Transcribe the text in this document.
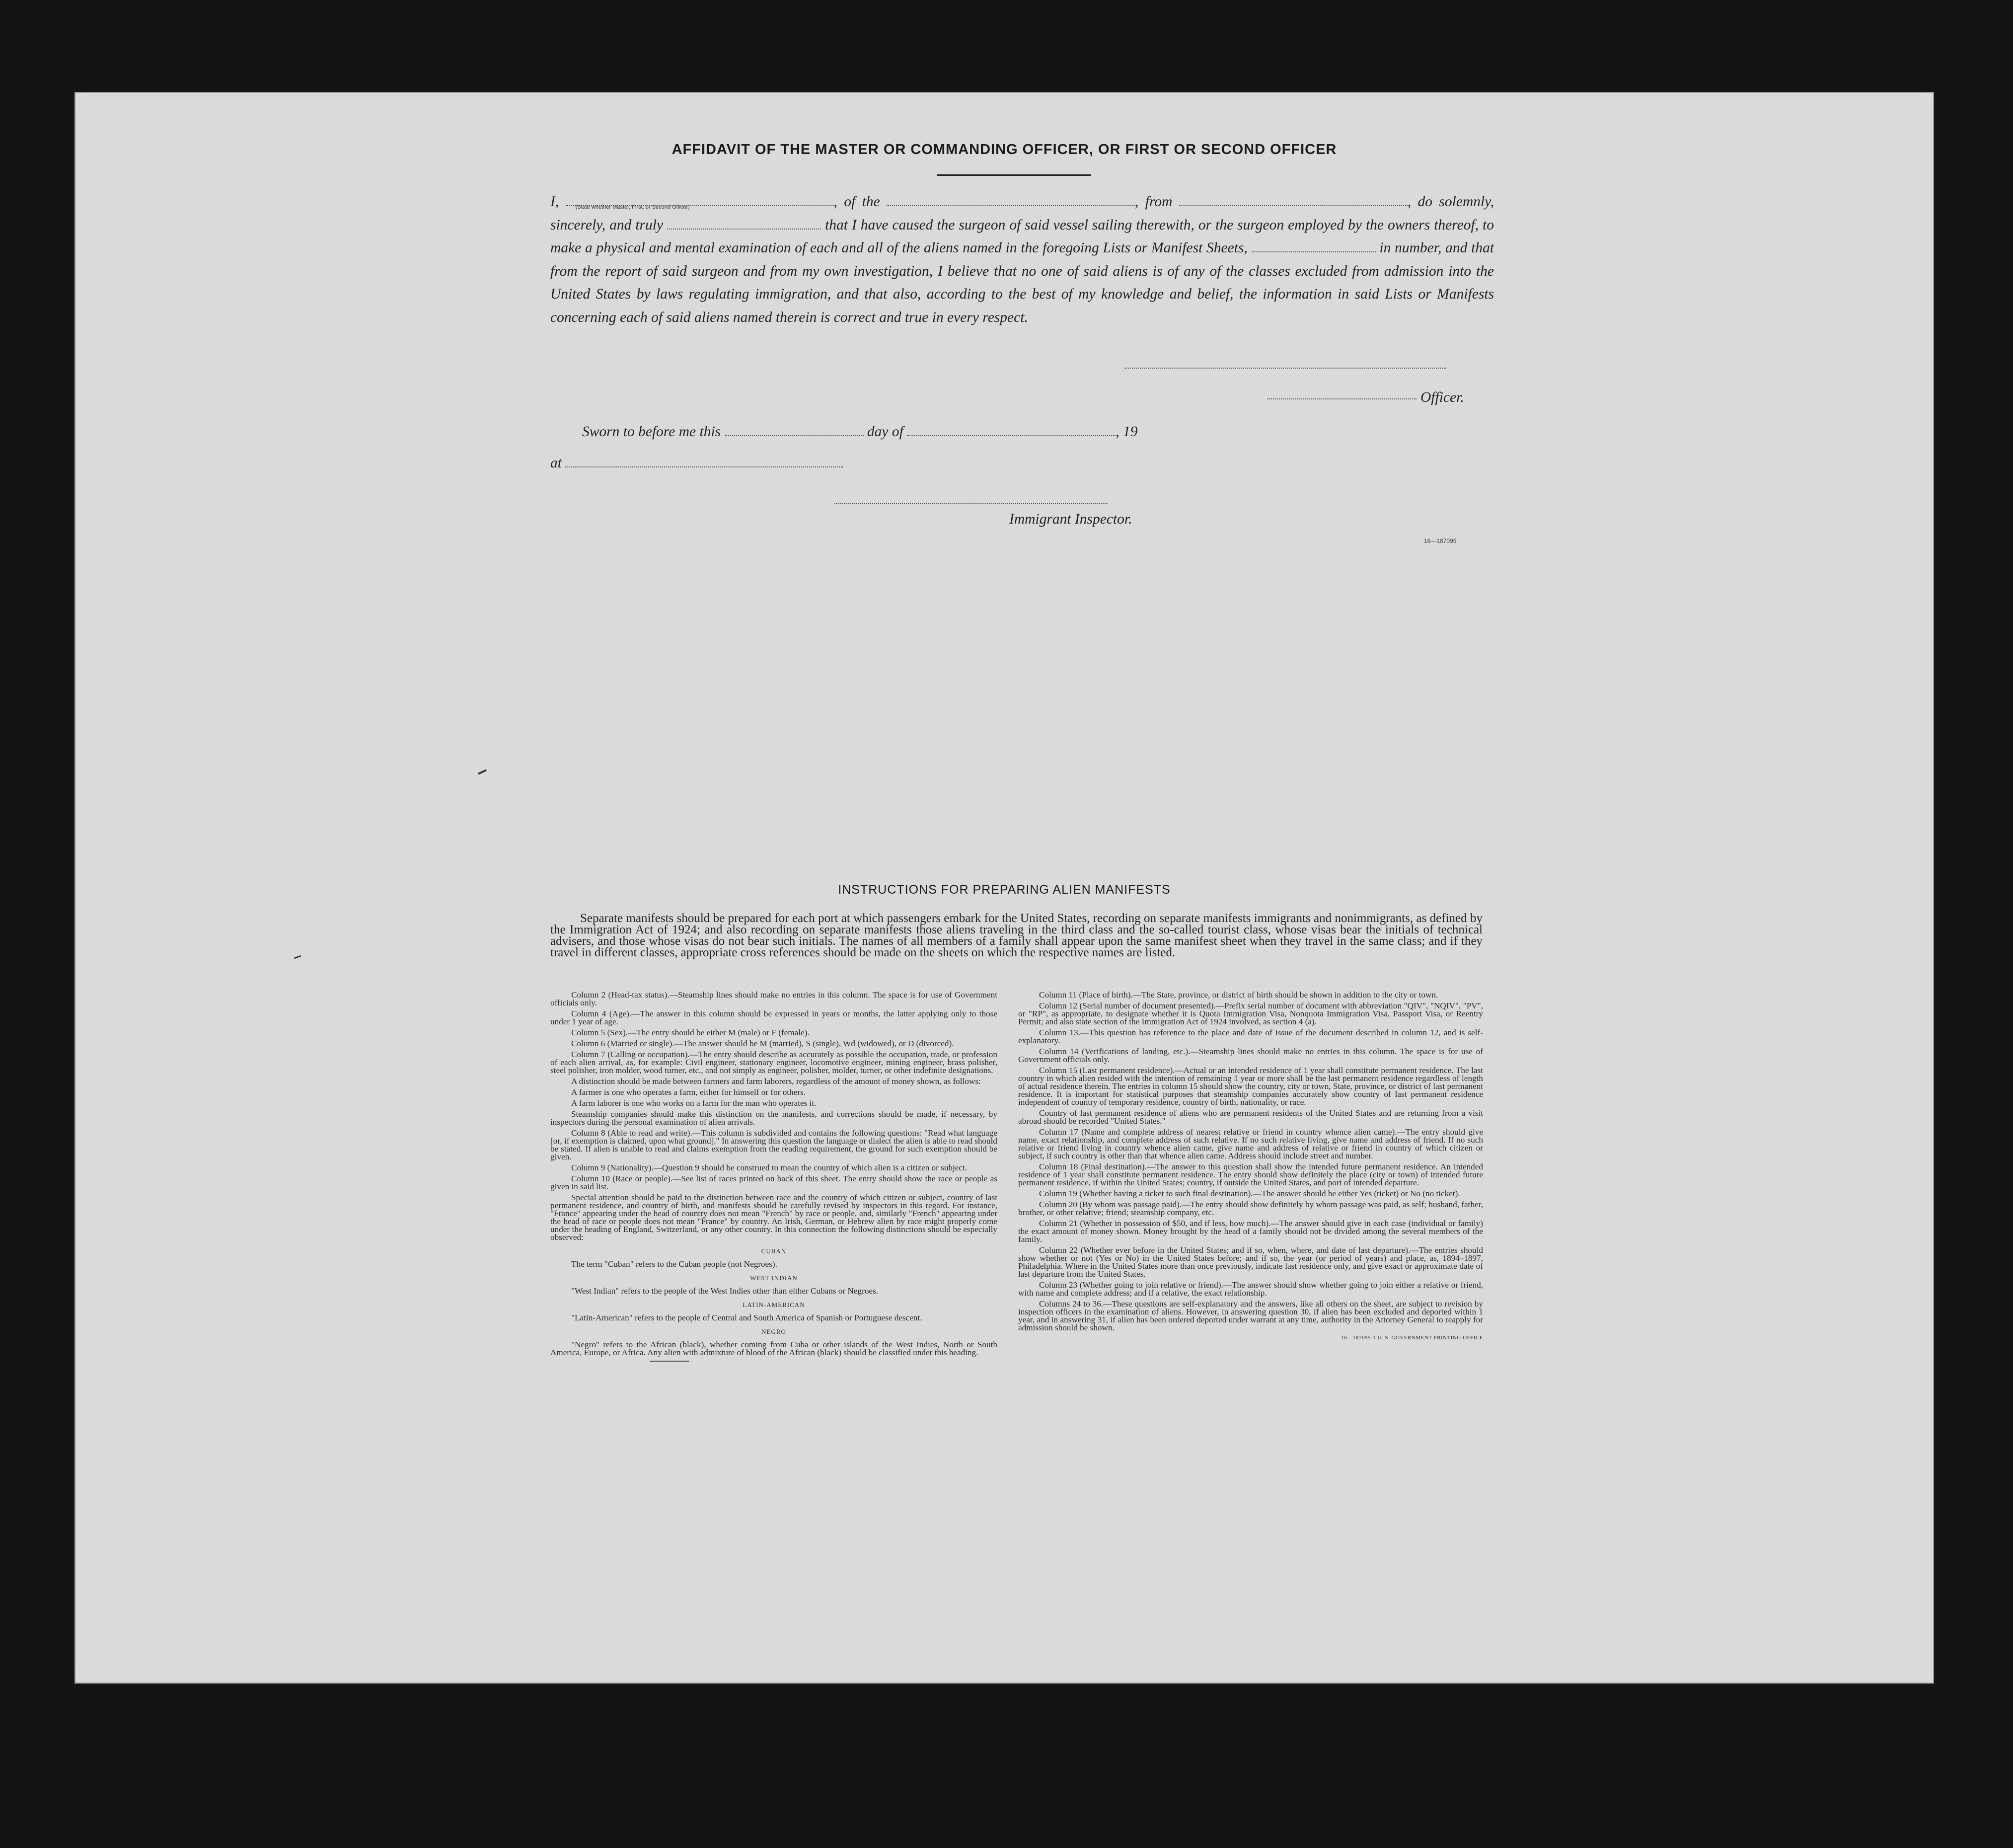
AFFIDAVIT OF THE MASTER OR COMMANDING OFFICER, OR FIRST OR SECOND OFFICER

I,	(State whether Master, First, or Second Officer)	, of the	, from	, do solemnly, sincerely, and truly	that I have caused the surgeon of said vessel sailing therewith, or the surgeon employed by the owners thereof, to make a physical and mental examination of each and all of the aliens named in the foregoing Lists or Manifest Sheets,	in number, and that from the report of said surgeon and from my own investigation, I believe that no one of said aliens is of any of the classes excluded from admission into the United States by laws regulating immigration, and that also, according to the best of my knowledge and belief, the information in said Lists or Manifests concerning each of said aliens named therein is correct and true in every respect.

Officer.
Sworn to before me this	day of	, 19
at
Immigrant Inspector.
16—187095
INSTRUCTIONS FOR PREPARING ALIEN MANIFESTS

Separate manifests should be prepared for each port at which passengers embark for the United States, recording on separate manifests immigrants and nonimmigrants, as defined by the Immigration Act of 1924; and also recording on separate manifests those aliens traveling in the third class and the so-called tourist class, whose visas bear the initials of technical advisers, and those whose visas do not bear such initials. The names of all members of a family shall appear upon the same manifest sheet when they travel in the same class; and if they travel in different classes, appropriate cross references should be made on the sheets on which the respective names are listed.

Column 2 (Head-tax status).—Steamship lines should make no entries in this column. The space is for use of Government officials only.

Column 4 (Age).—The answer in this column should be expressed in years or months, the latter applying only to those under 1 year of age.

Column 5 (Sex).—The entry should be either M (male) or F (female).

Column 6 (Married or single).—The answer should be M (married), S (single), Wd (widowed), or D (divorced).

Column 7 (Calling or occupation).—The entry should describe as accurately as possible the occupation, trade, or profession of each alien arrival, as, for example: Civil engineer, stationary engineer, locomotive engineer, mining engineer, brass polisher, steel polisher, iron molder, wood turner, etc., and not simply as engineer, polisher, molder, turner, or other indefinite designations.

A distinction should be made between farmers and farm laborers, regardless of the amount of money shown, as follows:

A farmer is one who operates a farm, either for himself or for others.

A farm laborer is one who works on a farm for the man who operates it.

Steamship companies should make this distinction on the manifests, and corrections should be made, if necessary, by inspectors during the personal examination of alien arrivals.

Column 8 (Able to read and write).—This column is subdivided and contains the following questions: "Read what language [or, if exemption is claimed, upon what ground]." In answering this question the language or dialect the alien is able to read should be stated. If alien is unable to read and claims exemption from the reading requirement, the ground for such exemption should be given.

Column 9 (Nationality).—Question 9 should be construed to mean the country of which alien is a citizen or subject.

Column 10 (Race or people).—See list of races printed on back of this sheet. The entry should show the race or people as given in said list.

Special attention should be paid to the distinction between race and the country of which citizen or subject, country of last permanent residence, and country of birth, and manifests should be carefully revised by inspectors in this regard. For instance, "France" appearing under the head of country does not mean "French" by race or people, and, similarly "French" appearing under the head of race or people does not mean "France" by country. An Irish, German, or Hebrew alien by race might properly come under the heading of England, Switzerland, or any other country. In this connection the following distinctions should be especially observed:

CUBAN

The term "Cuban" refers to the Cuban people (not Negroes).

WEST INDIAN

"West Indian" refers to the people of the West Indies other than either Cubans or Negroes.

LATIN-AMERICAN

"Latin-American" refers to the people of Central and South America of Spanish or Portuguese descent.

NEGRO

"Negro" refers to the African (black), whether coming from Cuba or other islands of the West Indies, North or South America, Europe, or Africa. Any alien with admixture of blood of the African (black) should be classified under this heading.

Column 11 (Place of birth).—The State, province, or district of birth should be shown in addition to the city or town.

Column 12 (Serial number of document presented).—Prefix serial number of document with abbreviation "QIV", "NQIV", "PV", or "RP", as appropriate, to designate whether it is Quota Immigration Visa, Nonquota Immigration Visa, Passport Visa, or Reentry Permit; and also state section of the Immigration Act of 1924 involved, as section 4 (a).

Column 13.—This question has reference to the place and date of issue of the document described in column 12, and is self-explanatory.

Column 14 (Verifications of landing, etc.).—Steamship lines should make no entries in this column. The space is for use of Government officials only.

Column 15 (Last permanent residence).—Actual or an intended residence of 1 year shall constitute permanent residence. The last country in which alien resided with the intention of remaining 1 year or more shall be the last permanent residence regardless of length of actual residence therein. The entries in column 15 should show the country, city or town, State, province, or district of last permanent residence. It is important for statistical purposes that steamship companies accurately show country of last permanent residence independent of country of temporary residence, country of birth, nationality, or race.

Country of last permanent residence of aliens who are permanent residents of the United States and are returning from a visit abroad should be recorded "United States."

Column 17 (Name and complete address of nearest relative or friend in country whence alien came).—The entry should give name, exact relationship, and complete address of such relative. If no such relative living, give name and address of friend. If no such relative or friend living in country whence alien came, give name and address of relative or friend in country of which citizen or subject, if such country is other than that whence alien came. Address should include street and number.

Column 18 (Final destination).—The answer to this question shall show the intended future permanent residence. An intended residence of 1 year shall constitute permanent residence. The entry should show definitely the place (city or town) of intended future permanent residence, if within the United States; country, if outside the United States, and port of intended departure.

Column 19 (Whether having a ticket to such final destination).—The answer should be either Yes (ticket) or No (no ticket).

Column 20 (By whom was passage paid).—The entry should show definitely by whom passage was paid, as self; husband, father, brother, or other relative; friend; steamship company, etc.

Column 21 (Whether in possession of $50, and if less, how much).—The answer should give in each case (individual or family) the exact amount of money shown. Money brought by the head of a family should not be divided among the several members of the family.

Column 22 (Whether ever before in the United States; and if so, when, where, and date of last departure).—The entries should show whether or not (Yes or No) in the United States before; and if so, the year (or period of years) and place, as, 1894–1897, Philadelphia. Where in the United States more than once previously, indicate last residence only, and give exact or approximate date of last departure from the United States.

Column 23 (Whether going to join relative or friend).—The answer should show whether going to join either a relative or friend, with name and complete address; and if a relative, the exact relationship.

Columns 24 to 36.—These questions are self-explanatory and the answers, like all others on the sheet, are subject to revision by inspection officers in the examination of aliens. However, in answering question 30, if alien has been excluded and deported within 1 year, and in answering 31, if alien has been ordered deported under warrant at any time, authority in the Attorney General to reapply for admission should be shown.

16—187095-1 U. S. GOVERNMENT PRINTING OFFICE
